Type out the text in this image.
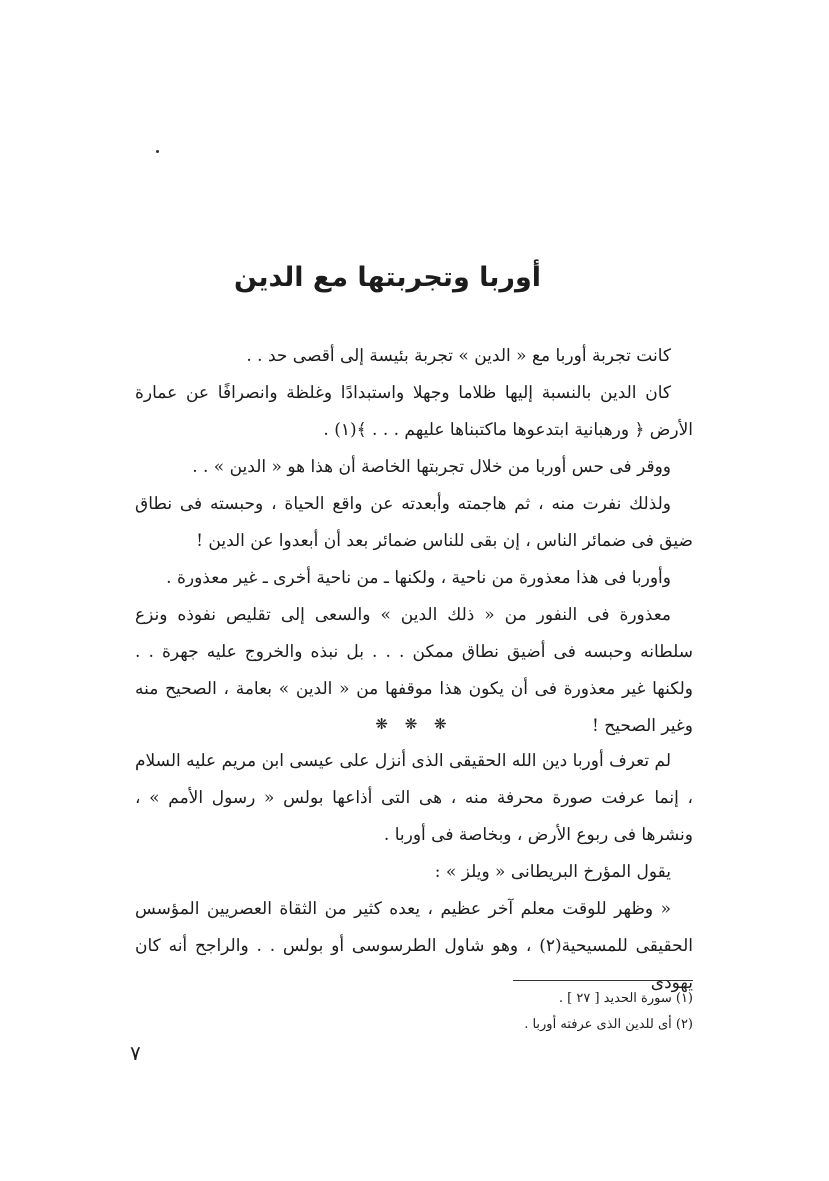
أوربا وتجربتها مع الدين

كانت تجربة أوربا مع « الدين » تجربة بئيسة إلى أقصى حد . .

كان الدين بالنسبة إليها ظلاما وجهلا واستبدادًا وغلظة وانصرافًا عن عمارة الأرض ﴿ ورهبانية ابتدعوها ماكتبناها عليهم . . . ﴾(١) .

ووقر فى حس أوربا من خلال تجربتها الخاصة أن هذا هو « الدين » . .

ولذلك نفرت منه ، ثم هاجمته وأبعدته عن واقع الحياة ، وحبسته فى نطاق ضيق فى ضمائر الناس ، إن بقى للناس ضمائر بعد أن أبعدوا عن الدين !

وأوربا فى هذا معذورة من ناحية ، ولكنها ـ من ناحية أخرى ـ غير معذورة .

معذورة فى النفور من « ذلك الدين » والسعى إلى تقليص نفوذه ونزع سلطانه وحبسه فى أضيق نطاق ممكن . . . بل نبذه والخروج عليه جهرة . . ولكنها غير معذورة فى أن يكون هذا موقفها من « الدين » بعامة ، الصحيح منه وغير الصحيح !

❋ ❋ ❋

لم تعرف أوربا دين الله الحقيقى الذى أنزل على عيسى ابن مريم عليه السلام ، إنما عرفت صورة محرفة منه ، هى التى أذاعها بولس « رسول الأمم » ، ونشرها فى ربوع الأرض ، وبخاصة فى أوربا .

يقول المؤرخ البريطانى « ويلز » :

« وظهر للوقت معلم آخر عظيم ، يعده كثير من الثقاة العصريين المؤسس الحقيقى للمسيحية(٢) ، وهو شاول الطرسوسى أو بولس . . والراجح أنه كان يهودى

(١) سورة الحديد [ ٢٧ ] .

(٢) أى للدين الذى عرفته أوربا .

٧
